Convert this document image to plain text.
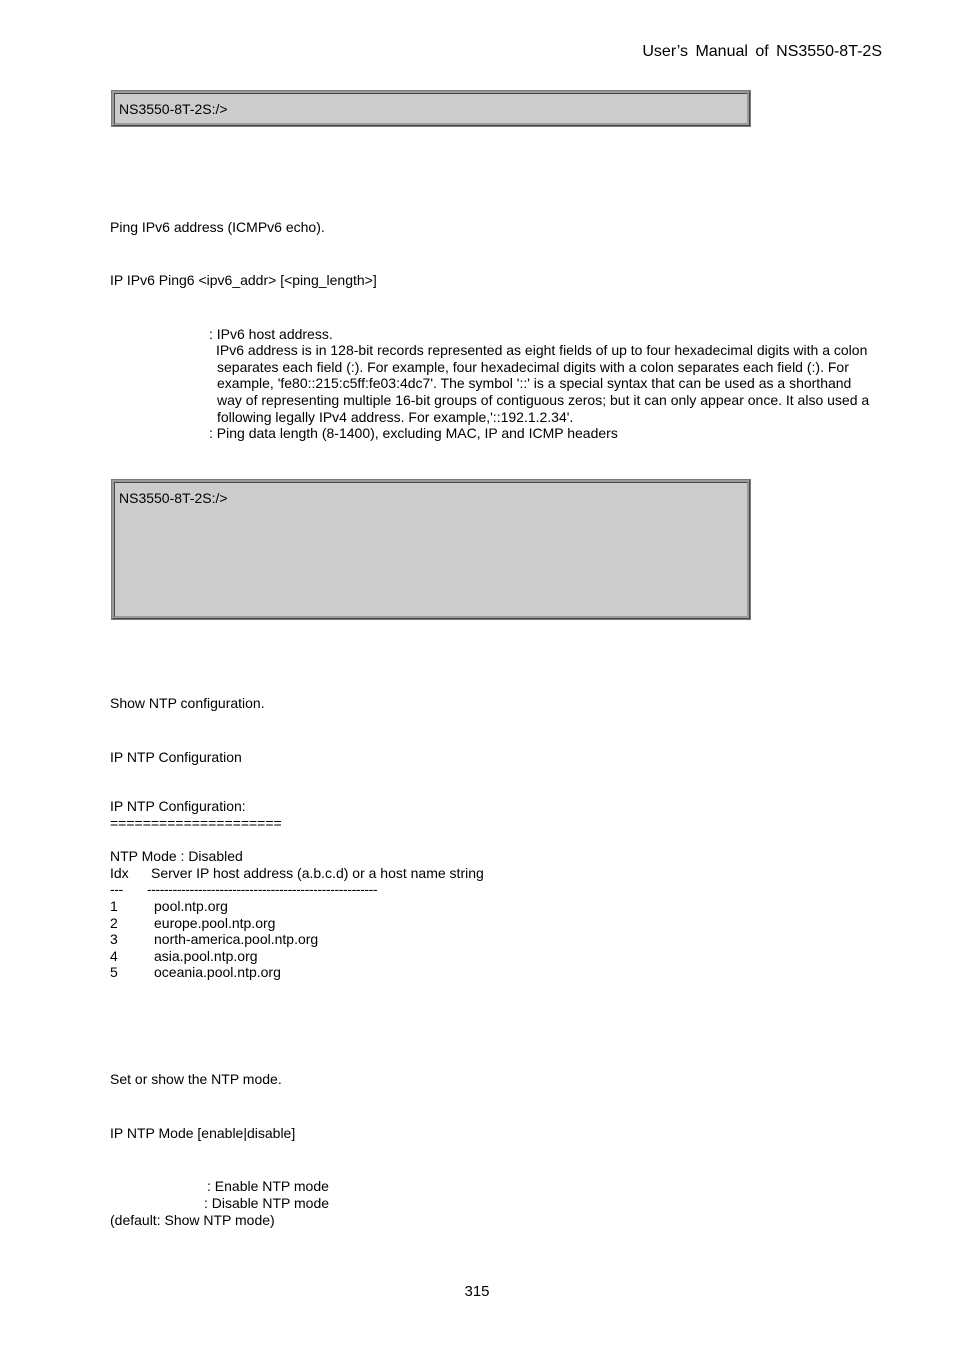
User’s Manual of NS3550-8T-2S
NS3550-8T-2S:/>
Ping IPv6 address (ICMPv6 echo).
IP IPv6 Ping6 <ipv6_addr> [<ping_length>]
: IPv6 host address.
IPv6 address is in 128-bit records represented as eight fields of up to four hexadecimal digits with a colon
separates each field (:). For example, four hexadecimal digits with a colon separates each field (:). For
example, 'fe80::215:c5ff:fe03:4dc7'. The symbol '::' is a special syntax that can be used as a shorthand
way of representing multiple 16-bit groups of contiguous zeros; but it can only appear once. It also used a
following legally IPv4 address. For example,'::192.1.2.34'.
: Ping data length (8-1400), excluding MAC, IP and ICMP headers
NS3550-8T-2S:/>
Show NTP configuration.
IP NTP Configuration
IP NTP Configuration:
=====================
NTP Mode : Disabled
Idx Server IP host address (a.b.c.d) or a host name string
--- ------------------------------------------------------
1	pool.ntp.org
2	europe.pool.ntp.org
3	north-america.pool.ntp.org
4	asia.pool.ntp.org
5	oceania.pool.ntp.org
Set or show the NTP mode.
IP NTP Mode [enable|disable]
: Enable NTP mode
: Disable NTP mode
(default: Show NTP mode)
315
